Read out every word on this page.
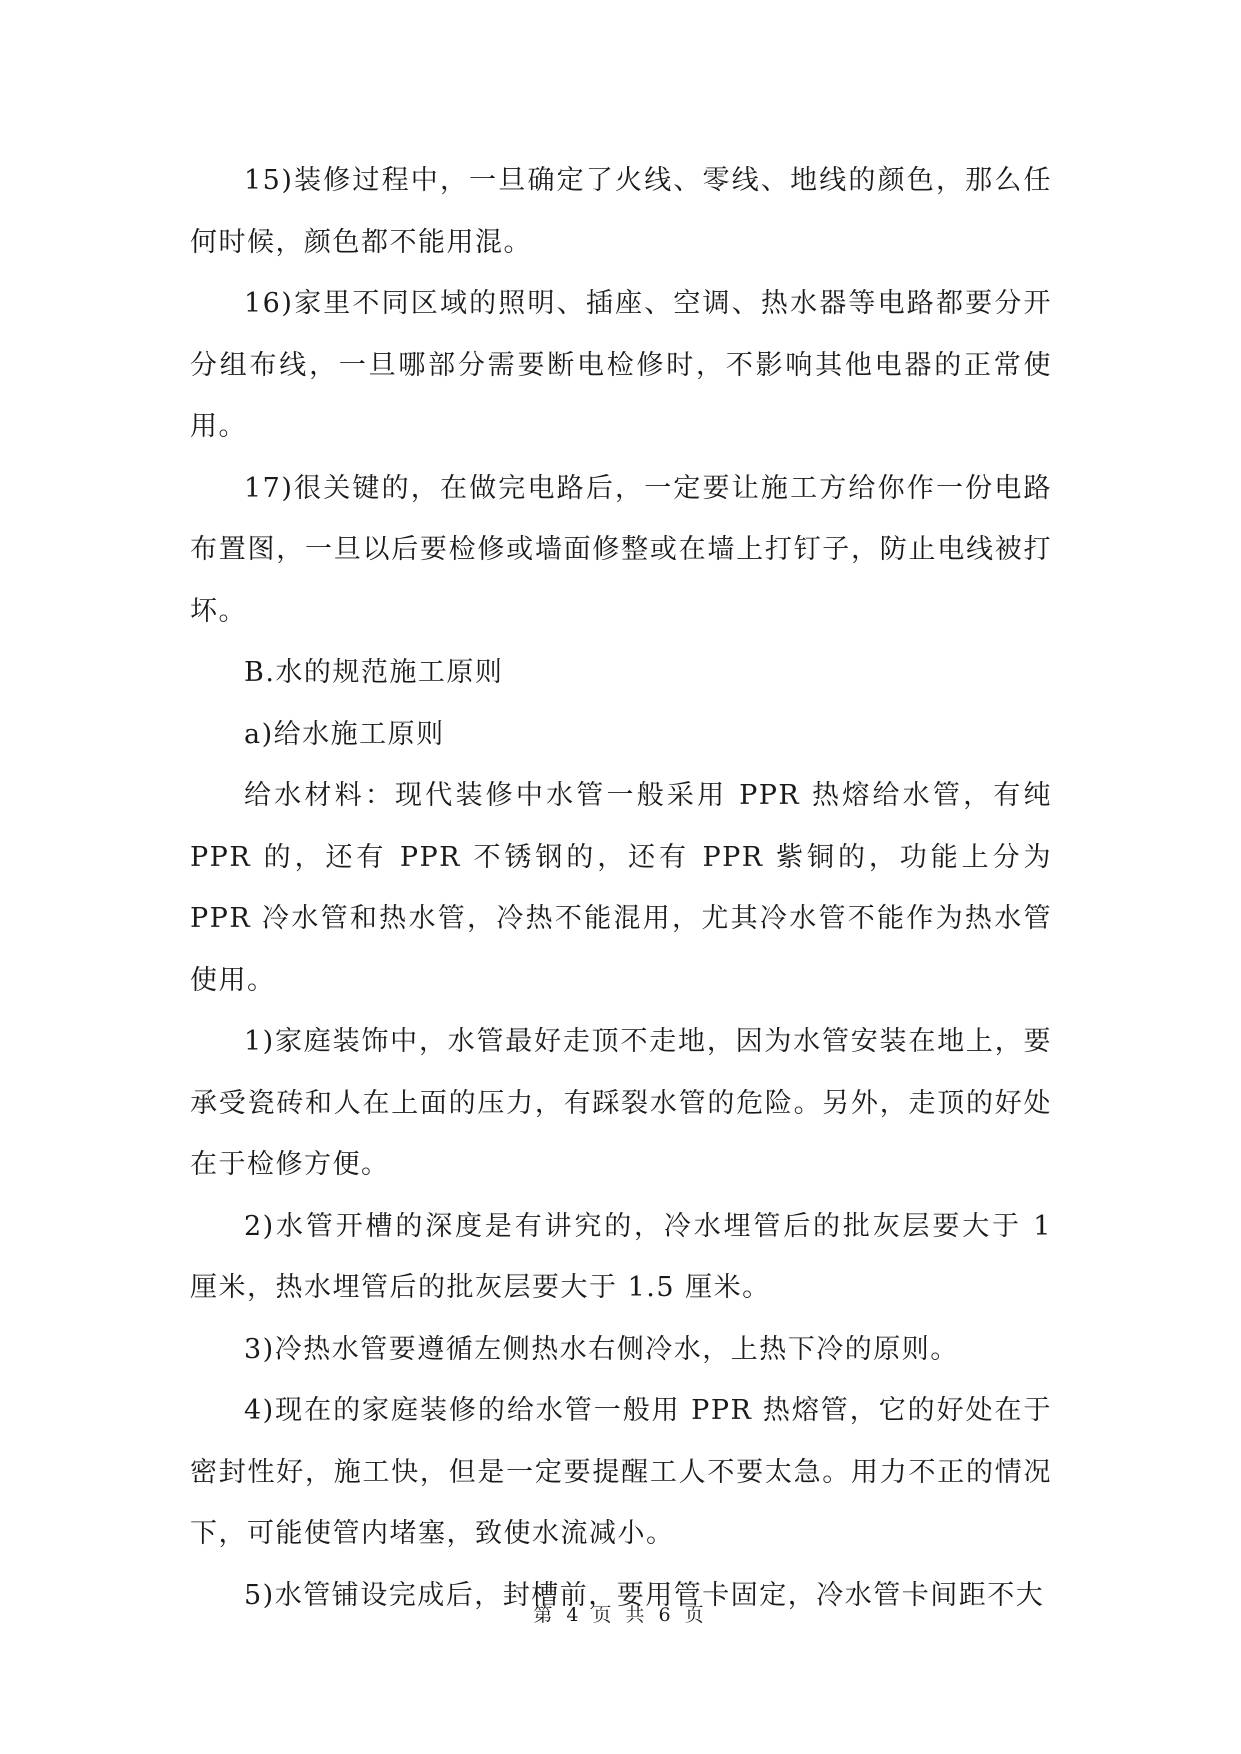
15)装修过程中，一旦确定了火线、零线、地线的颜色，那么任何时候，颜色都不能用混。

16)家里不同区域的照明、插座、空调、热水器等电路都要分开分组布线，一旦哪部分需要断电检修时，不影响其他电器的正常使用。

17)很关键的，在做完电路后，一定要让施工方给你作一份电路布置图，一旦以后要检修或墙面修整或在墙上打钉子，防止电线被打坏。

B.水的规范施工原则

a)给水施工原则

给水材料：现代装修中水管一般采用 PPR 热熔给水管，有纯 PPR 的，还有 PPR 不锈钢的，还有 PPR 紫铜的，功能上分为 PPR 冷水管和热水管，冷热不能混用，尤其冷水管不能作为热水管使用。

1)家庭装饰中，水管最好走顶不走地，因为水管安装在地上，要承受瓷砖和人在上面的压力，有踩裂水管的危险。另外，走顶的好处在于检修方便。

2)水管开槽的深度是有讲究的，冷水埋管后的批灰层要大于 1 厘米，热水埋管后的批灰层要大于 1.5 厘米。

3)冷热水管要遵循左侧热水右侧冷水，上热下冷的原则。

4)现在的家庭装修的给水管一般用 PPR 热熔管，它的好处在于密封性好，施工快，但是一定要提醒工人不要太急。用力不正的情况下，可能使管内堵塞，致使水流减小。

5)水管铺设完成后，封槽前，要用管卡固定，冷水管卡间距不大

第 4 页 共 6 页
